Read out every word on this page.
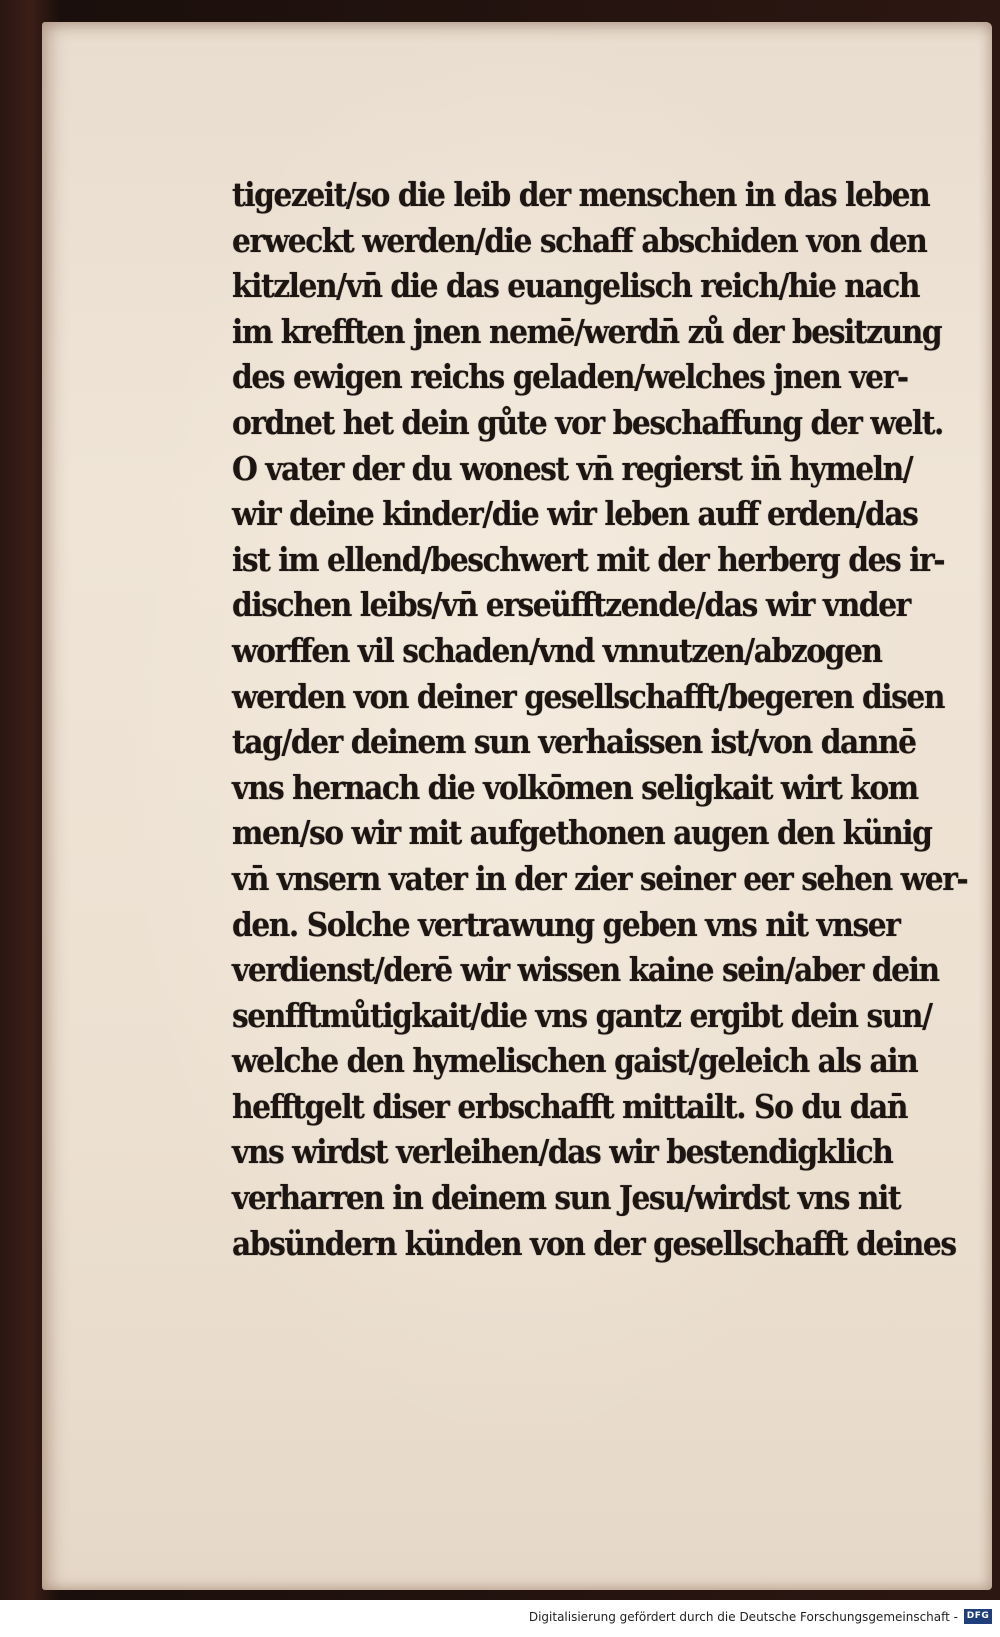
tigezeit/so die leib der menschen in das leben
erweckt werden/die schaff abschiden von den
kitzlen/vn̄ die das euangelisch reich/hie nach
im krefften jnen nemē/werdn̄ zů der besitzung
des ewigen reichs geladen/welches jnen ver-
ordnet het dein gůte vor beschaffung der welt.
O vater der du wonest vn̄ regierst in̄ hymeln/
wir deine kinder/die wir leben auff erden/das
ist im ellend/beschwert mit der herberg des ir-
dischen leibs/vn̄ erseüfftzende/das wir vnder
worffen vil schaden/vnd vnnutzen/abzogen
werden von deiner gesellschafft/begeren disen
tag/der deinem sun verhaissen ist/von dannē
vns hernach die volkōmen seligkait wirt kom
men/so wir mit aufgethonen augen den künig
vn̄ vnsern vater in der zier seiner eer sehen wer-
den. Solche vertrawung geben vns nit vnser
verdienst/derē wir wissen kaine sein/aber dein
senfftmůtigkait/die vns gantz ergibt dein sun/
welche den hymelischen gaist/geleich als ain
hefftgelt diser erbschafft mittailt. So du dan̄
vns wirdst verleihen/das wir bestendigklich
verharren in deinem sun Jesu/wirdst vns nit
absündern künden von der gesellschafft deines
Digitalisierung gefördert durch die Deutsche Forschungsgemeinschaft - DFG
